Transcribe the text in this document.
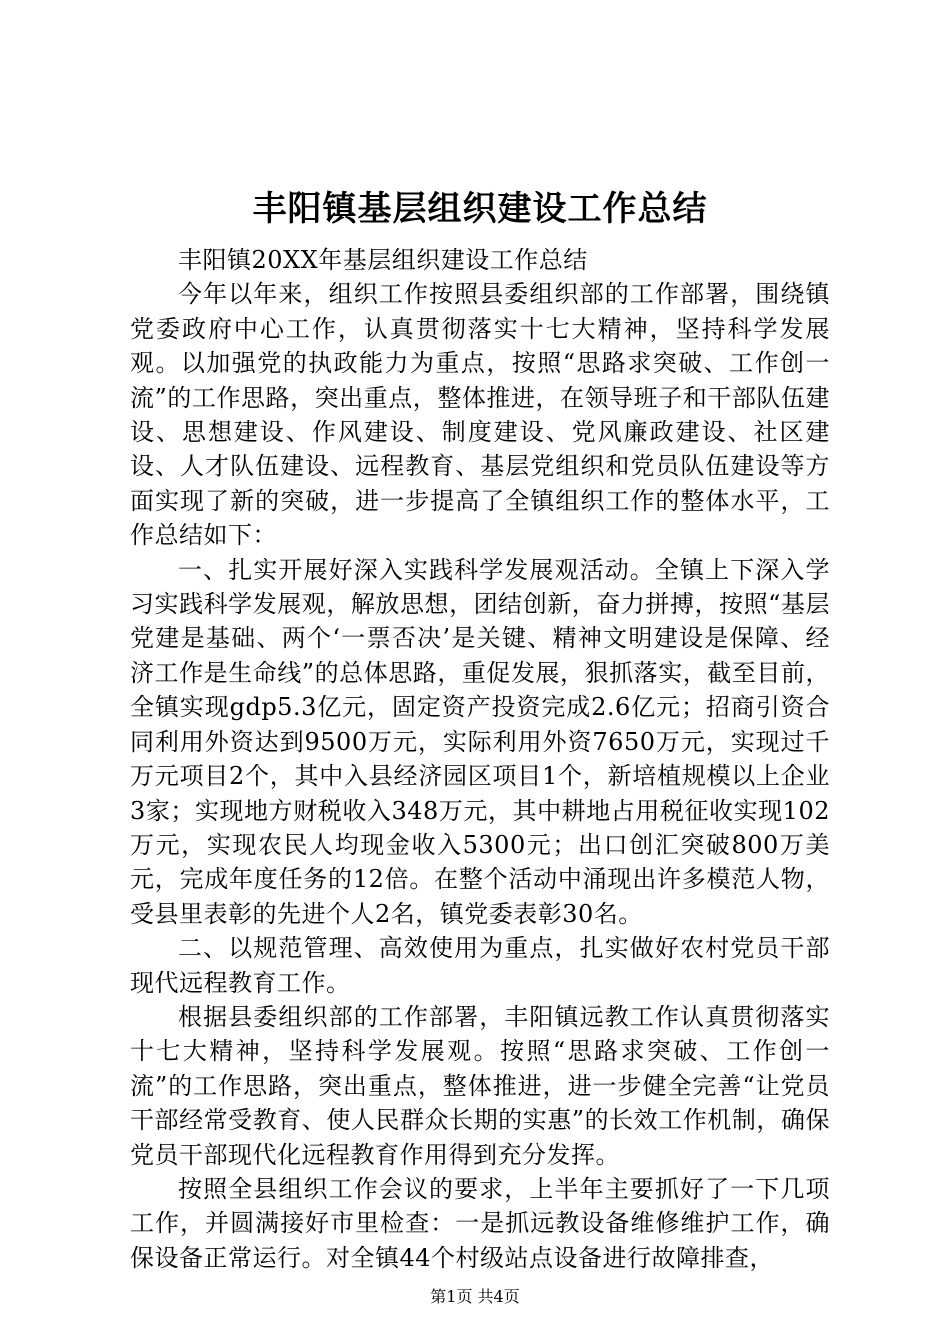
丰阳镇基层组织建设工作总结

丰阳镇20XX年基层组织建设工作总结

今年以年来，组织工作按照县委组织部的工作部署，围绕镇党委政府中心工作，认真贯彻落实十七大精神，坚持科学发展观。以加强党的执政能力为重点，按照“思路求突破、工作创一流”的工作思路，突出重点，整体推进，在领导班子和干部队伍建设、思想建设、作风建设、制度建设、党风廉政建设、社区建设、人才队伍建设、远程教育、基层党组织和党员队伍建设等方面实现了新的突破，进一步提高了全镇组织工作的整体水平，工作总结如下：

一、扎实开展好深入实践科学发展观活动。全镇上下深入学习实践科学发展观，解放思想，团结创新，奋力拼搏，按照“基层党建是基础、两个‘一票否决’是关键、精神文明建设是保障、经济工作是生命线”的总体思路，重促发展，狠抓落实，截至目前，全镇实现gdp5.3亿元，固定资产投资完成2.6亿元；招商引资合同利用外资达到9500万元，实际利用外资7650万元，实现过千万元项目2个，其中入县经济园区项目1个，新培植规模以上企业3家；实现地方财税收入348万元，其中耕地占用税征收实现102万元，实现农民人均现金收入5300元；出口创汇突破800万美元，完成年度任务的12倍。在整个活动中涌现出许多模范人物，受县里表彰的先进个人2名，镇党委表彰30名。

二、以规范管理、高效使用为重点，扎实做好农村党员干部现代远程教育工作。

根据县委组织部的工作部署，丰阳镇远教工作认真贯彻落实十七大精神，坚持科学发展观。按照“思路求突破、工作创一流”的工作思路，突出重点，整体推进，进一步健全完善“让党员干部经常受教育、使人民群众长期的实惠”的长效工作机制，确保党员干部现代化远程教育作用得到充分发挥。

按照全县组织工作会议的要求，上半年主要抓好了一下几项工作，并圆满接好市里检查：一是抓远教设备维修维护工作，确保设备正常运行。对全镇44个村级站点设备进行故障排查，

第1页 共4页
